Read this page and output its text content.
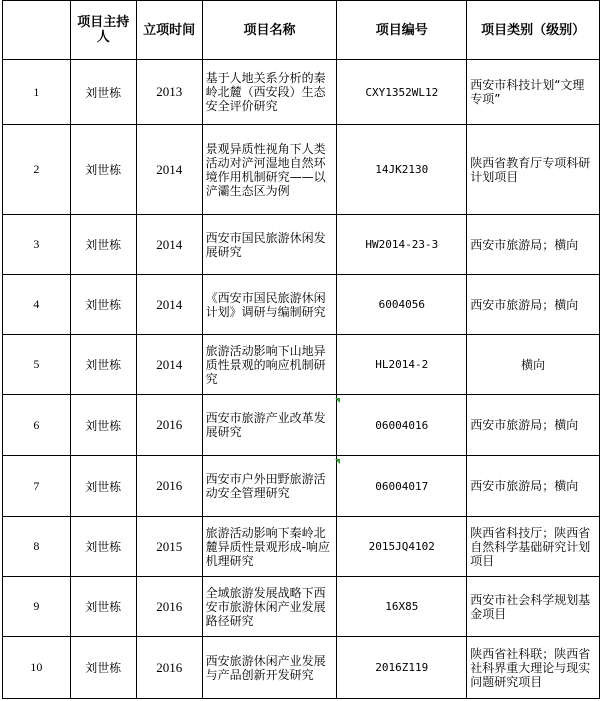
	项目主持人	立项时间	项目名称	项目编号	项目类别（级别）
1	刘世栋	2013	基于人地关系分析的秦岭北麓（西安段）生态安全评价研究	CXY1352WL12	西安市科技计划“文理专项”
2	刘世栋	2014	景观异质性视角下人类活动对浐河湿地自然环境作用机制研究——以浐灞生态区为例	14JK2130	陕西省教育厅专项科研计划项目
3	刘世栋	2014	西安市国民旅游休闲发展研究	HW2014-23-3	西安市旅游局；横向
4	刘世栋	2014	《西安市国民旅游休闲计划》调研与编制研究	6004056	西安市旅游局；横向
5	刘世栋	2014	旅游活动影响下山地异质性景观的响应机制研究	HL2014-2	横向
6	刘世栋	2016	西安市旅游产业改革发展研究	06004016	西安市旅游局；横向
7	刘世栋	2016	西安市户外田野旅游活动安全管理研究	06004017	西安市旅游局；横向
8	刘世栋	2015	旅游活动影响下秦岭北麓异质性景观形成-响应机理研究	2015JQ4102	陕西省科技厅；陕西省自然科学基础研究计划项目
9	刘世栋	2016	全域旅游发展战略下西安市旅游休闲产业发展路径研究	16X85	西安市社会科学规划基金项目
10	刘世栋	2016	西安旅游休闲产业发展与产品创新开发研究	2016Z119	陕西省社科联；陕西省社科界重大理论与现实问题研究项目
